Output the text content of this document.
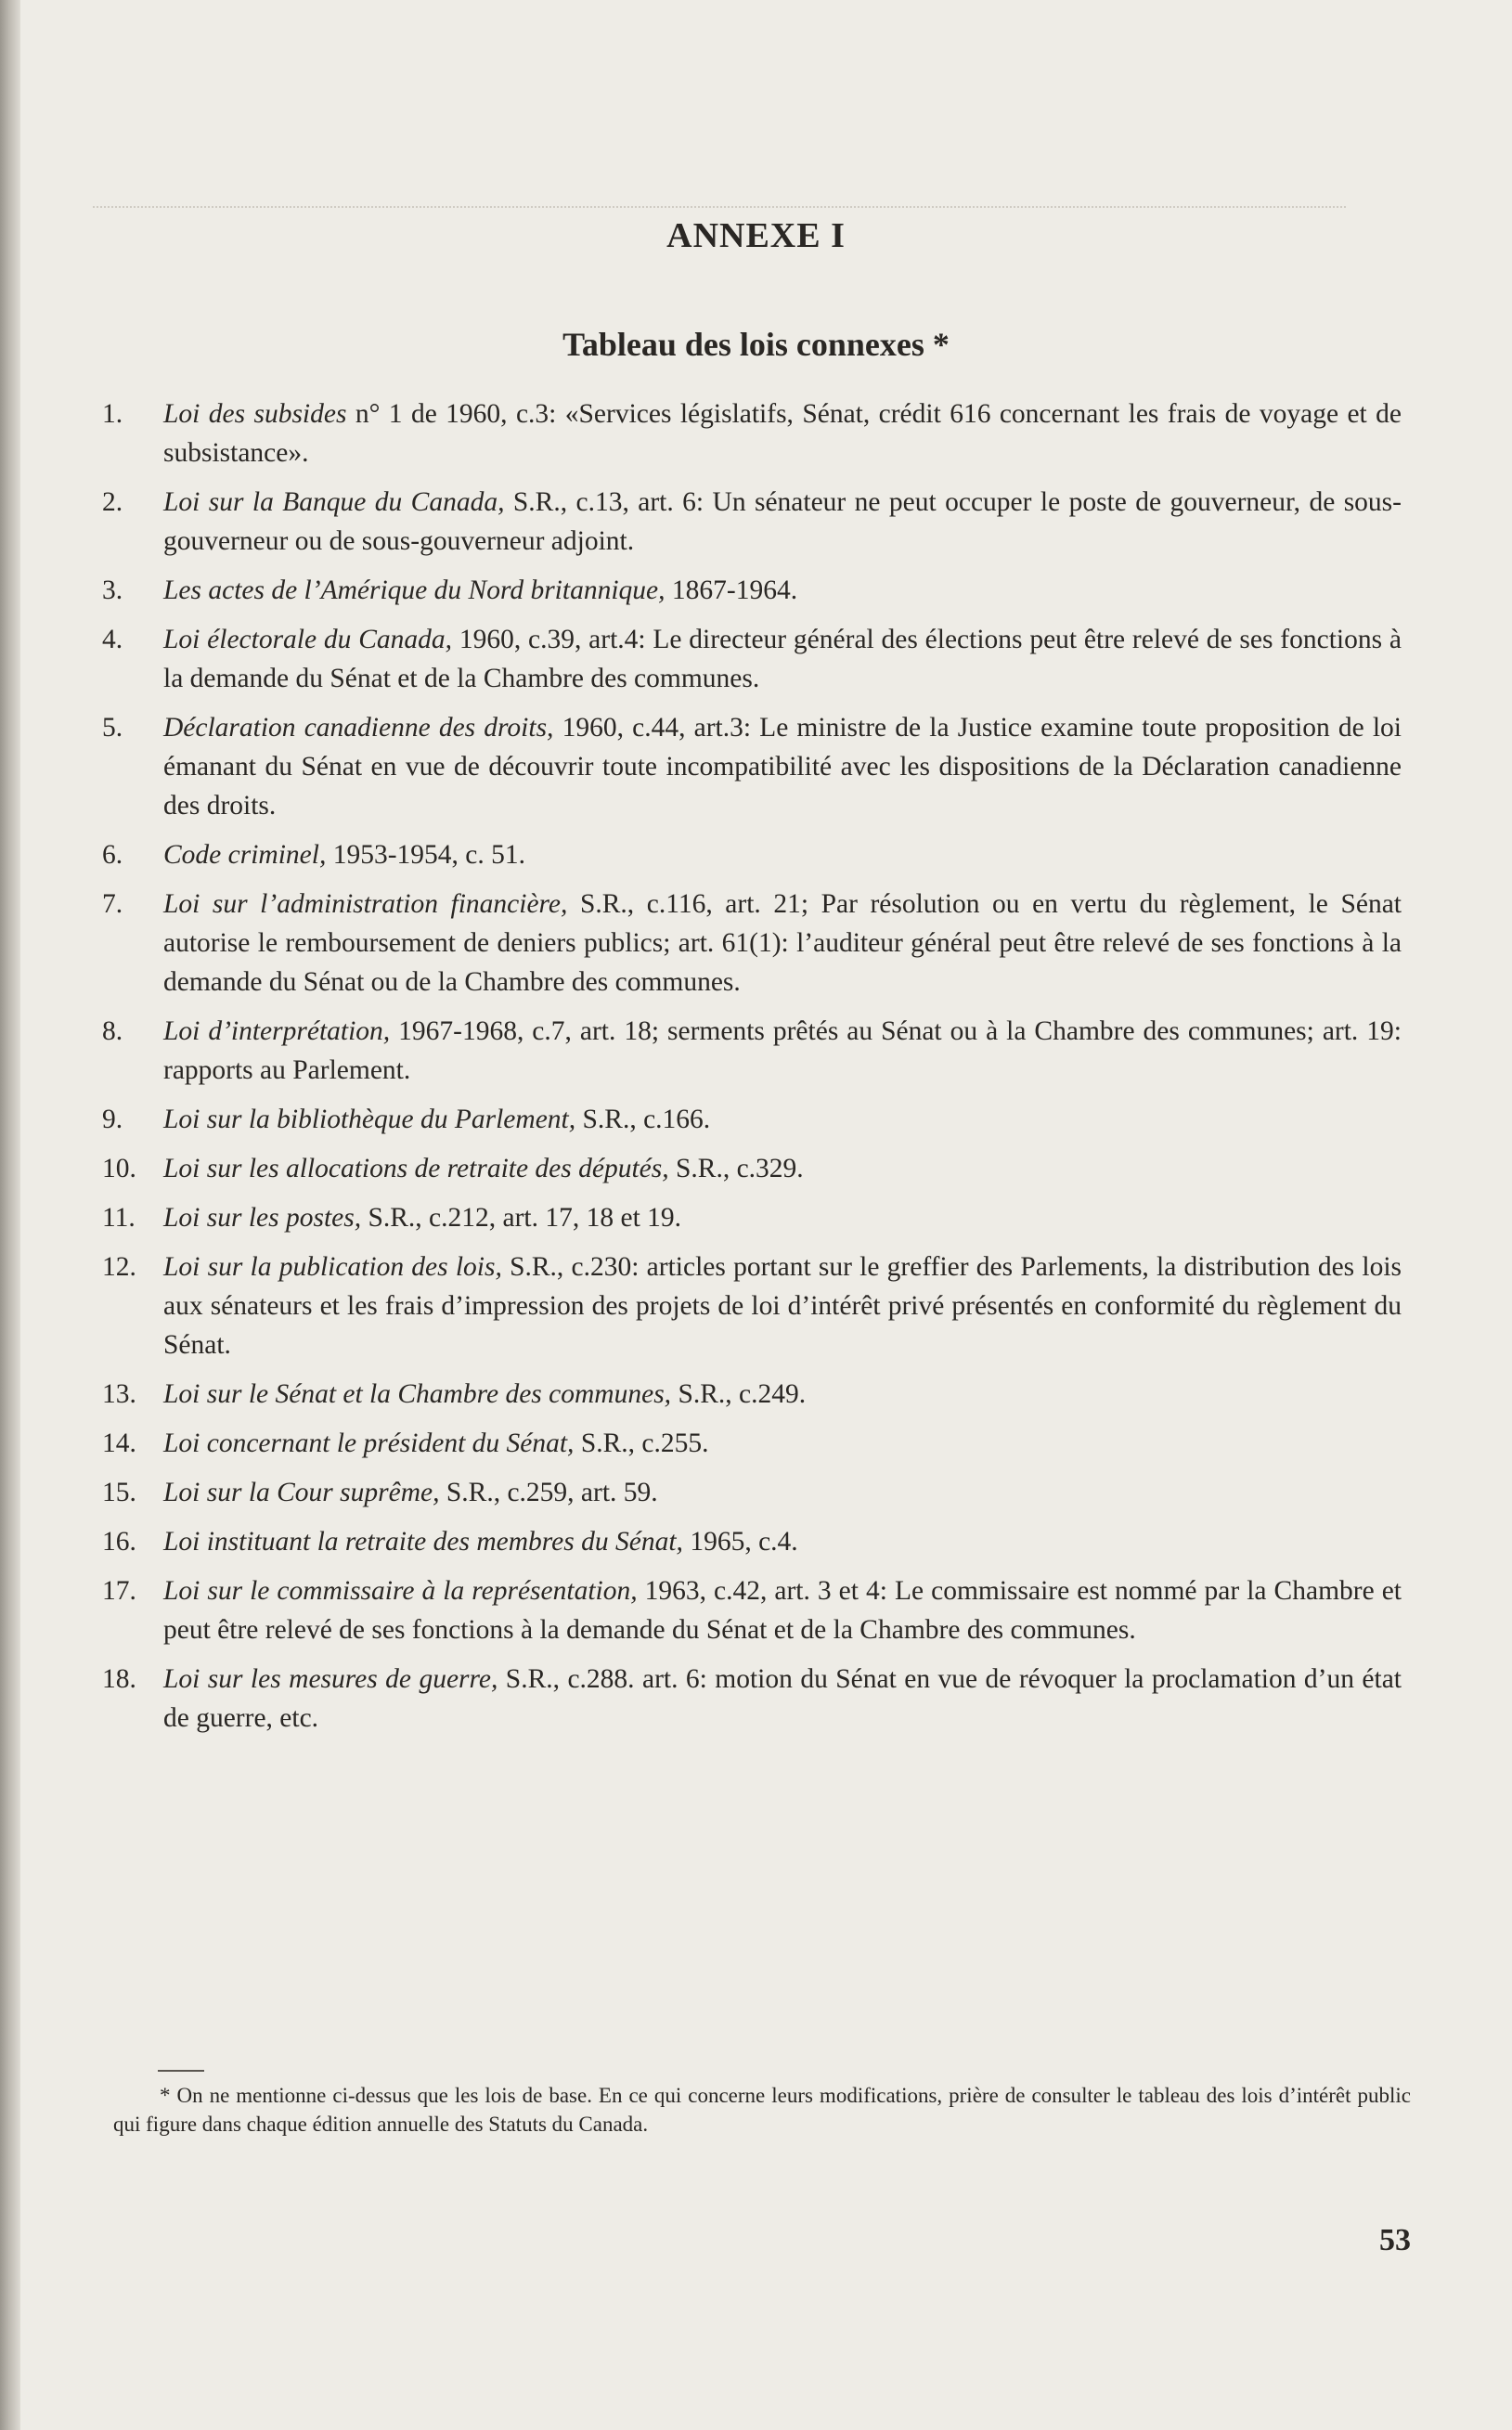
ANNEXE I
Tableau des lois connexes *
1.	Loi des subsides n° 1 de 1960, c.3: «Services législatifs, Sénat, crédit 616 concernant les frais de voyage et de subsistance».
2.	Loi sur la Banque du Canada, S.R., c.13, art. 6: Un sénateur ne peut occuper le poste de gouverneur, de sous-gouverneur ou de sous-gouverneur adjoint.
3.	Les actes de l’Amérique du Nord britannique, 1867-1964.
4.	Loi électorale du Canada, 1960, c.39, art.4: Le directeur général des élections peut être relevé de ses fonctions à la demande du Sénat et de la Chambre des communes.
5.	Déclaration canadienne des droits, 1960, c.44, art.3: Le ministre de la Justice examine toute proposition de loi émanant du Sénat en vue de découvrir toute incompatibilité avec les dispositions de la Déclaration canadienne des droits.
6.	Code criminel, 1953-1954, c. 51.
7.	Loi sur l’administration financière, S.R., c.116, art. 21; Par résolution ou en vertu du règlement, le Sénat autorise le remboursement de deniers publics; art. 61(1): l’auditeur général peut être relevé de ses fonctions à la demande du Sénat ou de la Chambre des communes.
8.	Loi d’interprétation, 1967-1968, c.7, art. 18; serments prêtés au Sénat ou à la Chambre des communes; art. 19: rapports au Parlement.
9.	Loi sur la bibliothèque du Parlement, S.R., c.166.
10. Loi sur les allocations de retraite des députés, S.R., c.329.
11.	Loi sur les postes, S.R., c.212, art. 17, 18 et 19.
12. Loi sur la publication des lois, S.R., c.230: articles portant sur le greffier des Parlements, la distribution des lois aux sénateurs et les frais d’impression des projets de loi d’intérêt privé présentés en conformité du règlement du Sénat.
13. Loi sur le Sénat et la Chambre des communes, S.R., c.249.
14. Loi concernant le président du Sénat, S.R., c.255.
15. Loi sur la Cour suprême, S.R., c.259, art. 59.
16. Loi instituant la retraite des membres du Sénat, 1965, c.4.
17. Loi sur le commissaire à la représentation, 1963, c.42, art. 3 et 4: Le commissaire est nommé par la Chambre et peut être relevé de ses fonctions à la demande du Sénat et de la Chambre des communes.
18. Loi sur les mesures de guerre, S.R., c.288. art. 6: motion du Sénat en vue de révoquer la proclamation d’un état de guerre, etc.

* On ne mentionne ci-dessus que les lois de base. En ce qui concerne leurs modifications, prière de consulter le tableau des lois d’intérêt public qui figure dans chaque édition annuelle des Statuts du Canada.

53
